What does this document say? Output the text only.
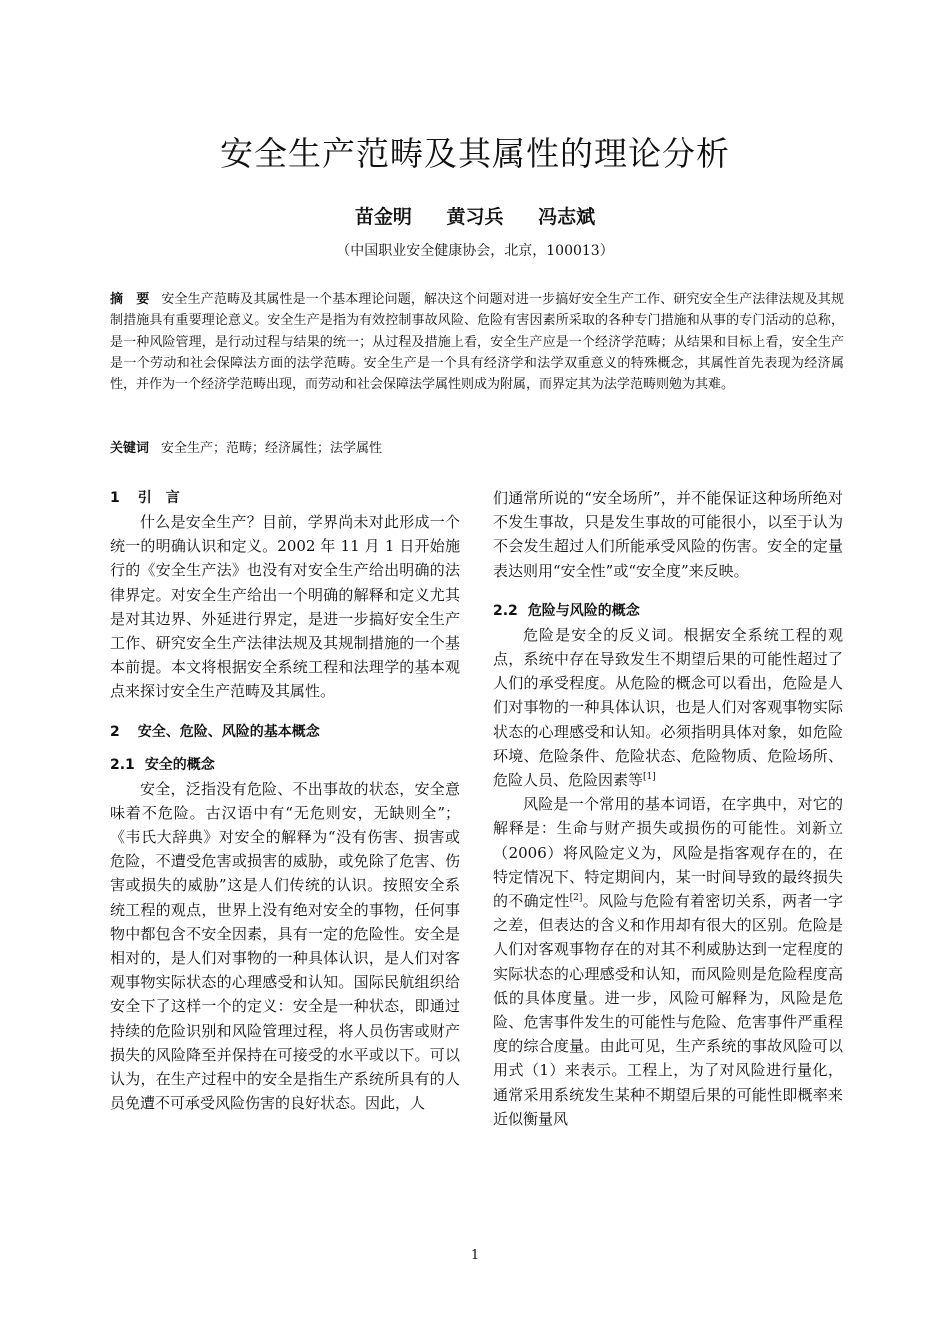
安全生产范畴及其属性的理论分析
苗金明 黄习兵 冯志斌
（中国职业安全健康协会，北京，100013）
摘　要 安全生产范畴及其属性是一个基本理论问题，解决这个问题对进一步搞好安全生产工作、研究安全生产法律法规及其规制措施具有重要理论意义。安全生产是指为有效控制事故风险、危险有害因素所采取的各种专门措施和从事的专门活动的总称，是一种风险管理，是行动过程与结果的统一；从过程及措施上看，安全生产应是一个经济学范畴；从结果和目标上看，安全生产是一个劳动和社会保障法方面的法学范畴。安全生产是一个具有经济学和法学双重意义的特殊概念，其属性首先表现为经济属性，并作为一个经济学范畴出现，而劳动和社会保障法学属性则成为附属，而界定其为法学范畴则勉为其难。
关键词 安全生产；范畴；经济属性；法学属性
1 引　言

什么是安全生产？目前，学界尚未对此形成一个统一的明确认识和定义。2002 年 11 月 1 日开始施行的《安全生产法》也没有对安全生产给出明确的法律界定。对安全生产给出一个明确的解释和定义尤其是对其边界、外延进行界定，是进一步搞好安全生产工作、研究安全生产法律法规及其规制措施的一个基本前提。本文将根据安全系统工程和法理学的基本观点来探讨安全生产范畴及其属性。

2 安全、危险、风险的基本概念
2.1 安全的概念

安全，泛指没有危险、不出事故的状态，安全意味着不危险。古汉语中有“无危则安，无缺则全”；《韦氏大辞典》对安全的解释为“没有伤害、损害或危险，不遭受危害或损害的威胁，或免除了危害、伤害或损失的威胁”这是人们传统的认识。按照安全系统工程的观点，世界上没有绝对安全的事物，任何事物中都包含不安全因素，具有一定的危险性。安全是相对的，是人们对事物的一种具体认识，是人们对客观事物实际状态的心理感受和认知。国际民航组织给安全下了这样一个的定义：安全是一种状态，即通过持续的危险识别和风险管理过程，将人员伤害或财产损失的风险降至并保持在可接受的水平或以下。可以认为，在生产过程中的安全是指生产系统所具有的人员免遭不可承受风险伤害的良好状态。因此，人

们通常所说的“安全场所”，并不能保证这种场所绝对不发生事故，只是发生事故的可能很小，以至于认为不会发生超过人们所能承受风险的伤害。安全的定量表达则用“安全性”或“安全度”来反映。

2.2 危险与风险的概念

危险是安全的反义词。根据安全系统工程的观点，系统中存在导致发生不期望后果的可能性超过了人们的承受程度。从危险的概念可以看出，危险是人们对事物的一种具体认识，也是人们对客观事物实际状态的心理感受和认知。必须指明具体对象，如危险环境、危险条件、危险状态、危险物质、危险场所、危险人员、危险因素等[1]

风险是一个常用的基本词语，在字典中，对它的解释是：生命与财产损失或损伤的可能性。刘新立（2006）将风险定义为，风险是指客观存在的，在特定情况下、特定期间内，某一时间导致的最终损失的不确定性[2]。风险与危险有着密切关系，两者一字之差，但表达的含义和作用却有很大的区别。危险是人们对客观事物存在的对其不利威胁达到一定程度的实际状态的心理感受和认知，而风险则是危险程度高低的具体度量。进一步，风险可解释为，风险是危险、危害事件发生的可能性与危险、危害事件严重程度的综合度量。由此可见，生产系统的事故风险可以用式（1）来表示。工程上，为了对风险进行量化，通常采用系统发生某种不期望后果的可能性即概率来近似衡量风

1
